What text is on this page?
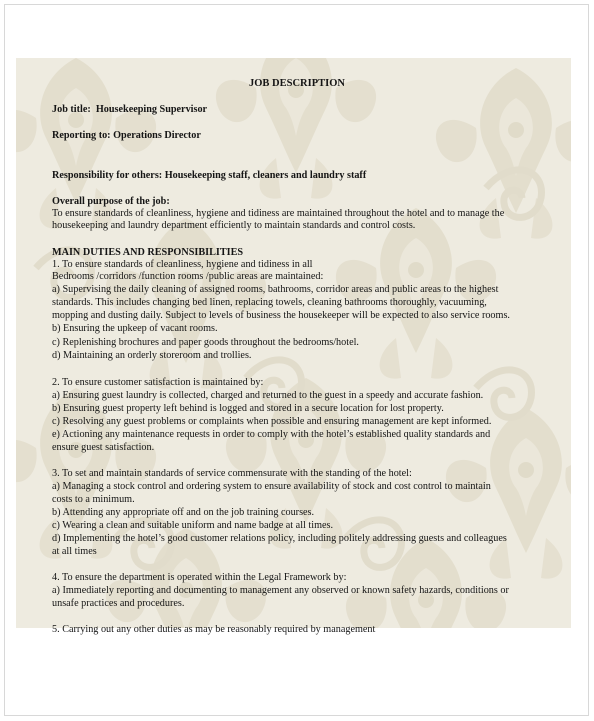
JOB DESCRIPTION
Job title:  Housekeeping Supervisor
Reporting to: Operations Director
Responsibility for others: Housekeeping staff, cleaners and laundry staff
Overall purpose of the job:
To ensure standards of cleanliness, hygiene and tidiness are maintained throughout the hotel and to manage the
housekeeping and laundry department efficiently to maintain standards and control costs.
MAIN DUTIES AND RESPONSIBILITIES
1. To ensure standards of cleanliness, hygiene and tidiness in all
Bedrooms /corridors /function rooms /public areas are maintained:
a) Supervising the daily cleaning of assigned rooms, bathrooms, corridor areas and public areas to the highest
standards. This includes changing bed linen, replacing towels, cleaning bathrooms thoroughly, vacuuming,
mopping and dusting daily. Subject to levels of business the housekeeper will be expected to also service rooms.
b) Ensuring the upkeep of vacant rooms.
c) Replenishing brochures and paper goods throughout the bedrooms/hotel.
d) Maintaining an orderly storeroom and trollies.
2. To ensure customer satisfaction is maintained by:
a) Ensuring guest laundry is collected, charged and returned to the guest in a speedy and accurate fashion.
b) Ensuring guest property left behind is logged and stored in a secure location for lost property.
c) Resolving any guest problems or complaints when possible and ensuring management are kept informed.
e) Actioning any maintenance requests in order to comply with the hotel’s established quality standards and
ensure guest satisfaction.
3. To set and maintain standards of service commensurate with the standing of the hotel:
a) Managing a stock control and ordering system to ensure availability of stock and cost control to maintain
costs to a minimum.
b) Attending any appropriate off and on the job training courses.
c) Wearing a clean and suitable uniform and name badge at all times.
d) Implementing the hotel’s good customer relations policy, including politely addressing guests and colleagues
at all times
4. To ensure the department is operated within the Legal Framework by:
a) Immediately reporting and documenting to management any observed or known safety hazards, conditions or
unsafe practices and procedures.
5. Carrying out any other duties as may be reasonably required by management
